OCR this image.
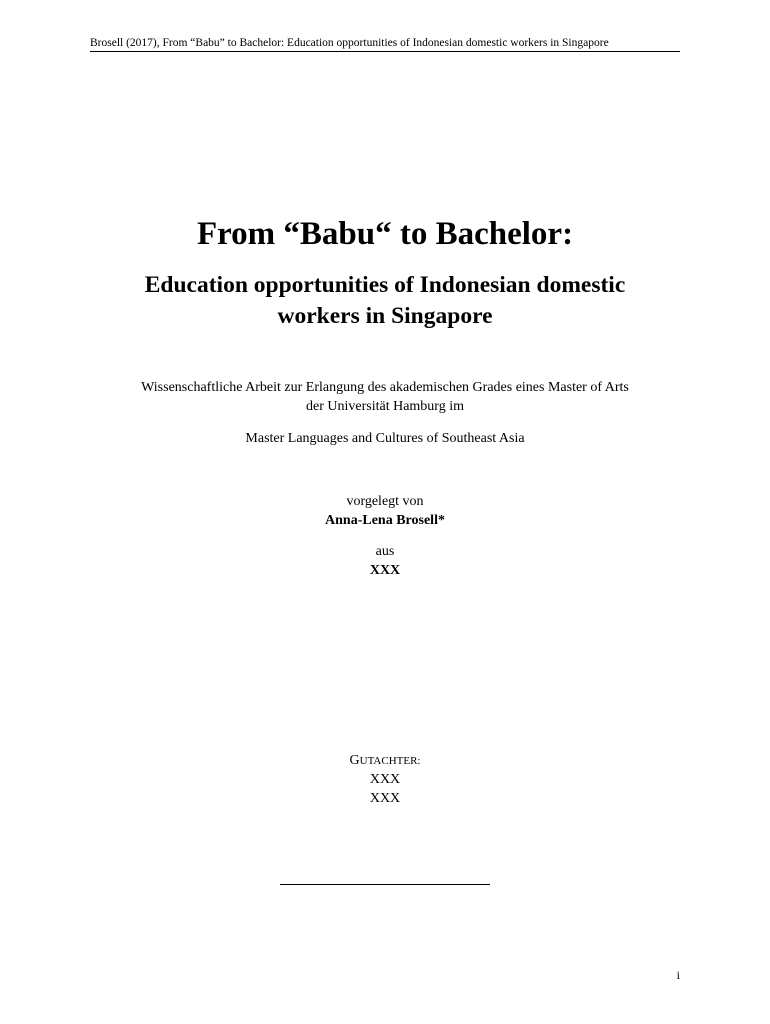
Brosell (2017), From “Babu” to Bachelor: Education opportunities of Indonesian domestic workers in Singapore
From “Babu“ to Bachelor:
Education opportunities of Indonesian domestic
workers in Singapore
Wissenschaftliche Arbeit zur Erlangung des akademischen Grades eines Master of Arts
der Universität Hamburg im
Master Languages and Cultures of Southeast Asia
vorgelegt von
Anna-Lena Brosell*
aus
XXX
GUTACHTER:
XXX
XXX
i
